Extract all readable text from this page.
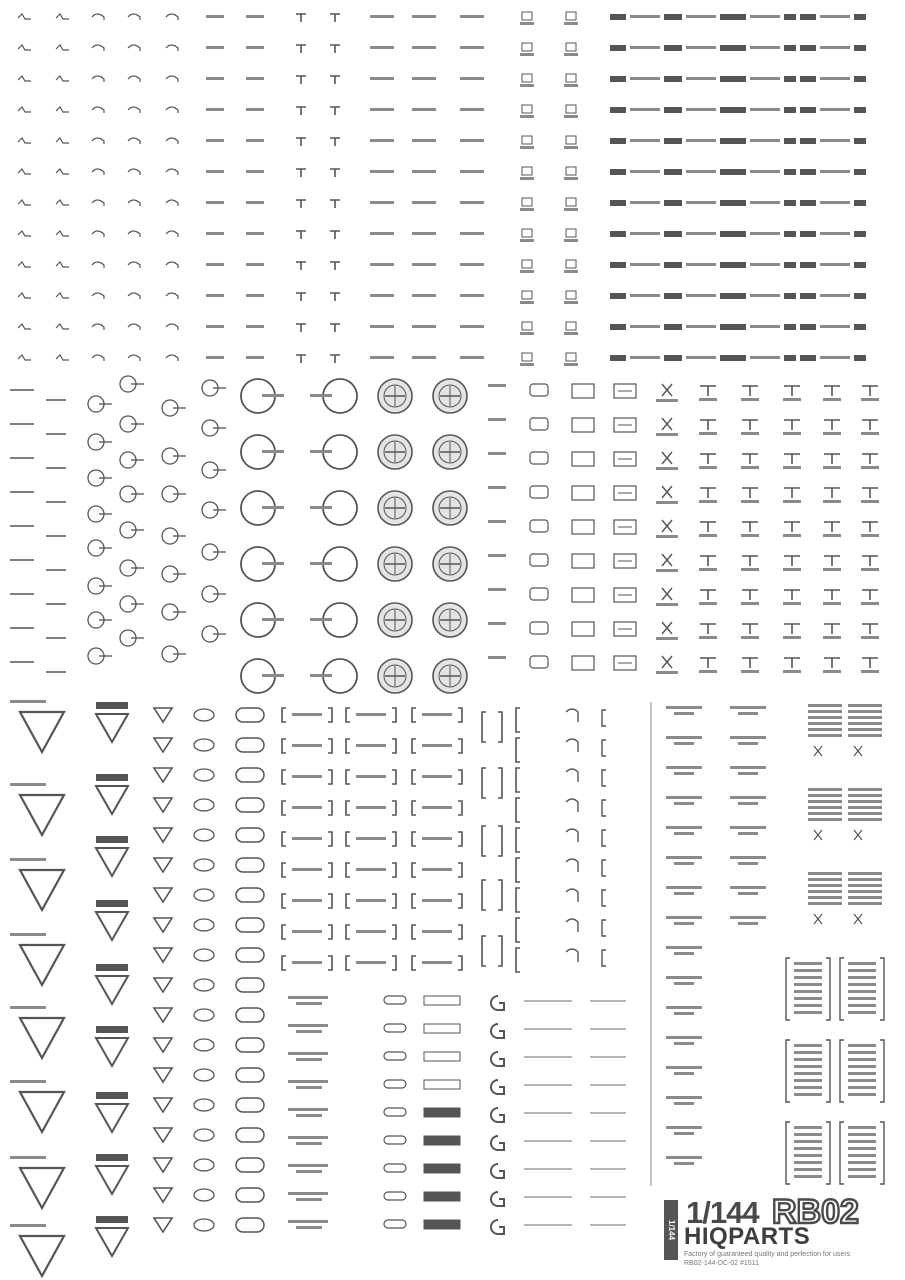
1/144 1/144 RB02
HIQPARTS
Factory of guaranteed quality and perfection for users
RB02-144-DC-02 #1511
